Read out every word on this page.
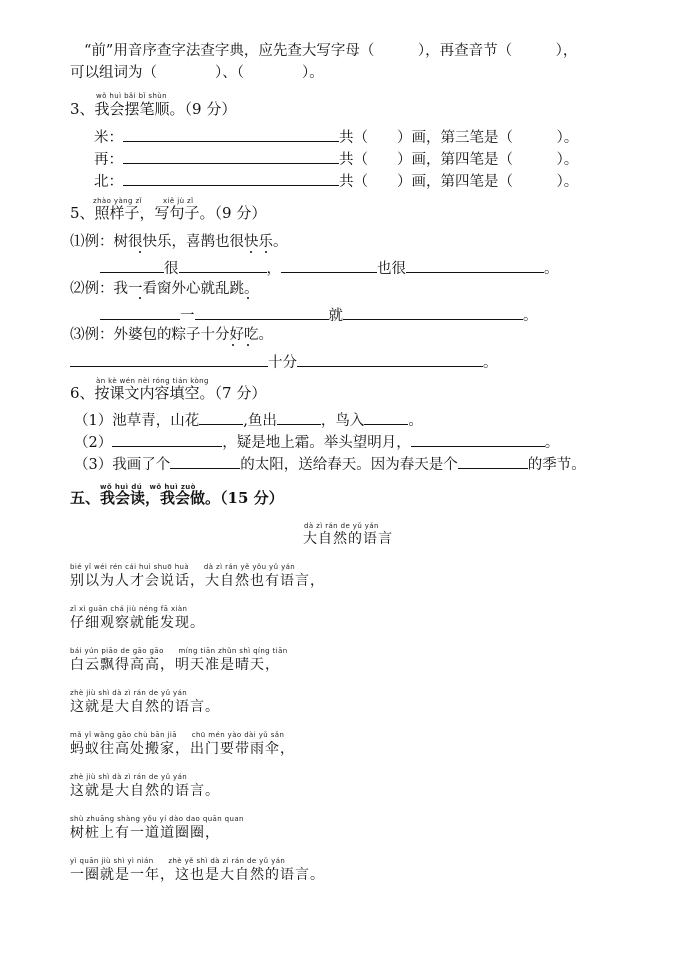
“前”用音序查字法查字典，应先查大写字母（　　　），再查音节（　　　），
可以组词为（　　　　）、（　　　　）。
wǒ huì bǎi bǐ shùn
3、我会摆笔顺。（9 分）
米：	共（　　）画，第三笔是（　　　）。
再：	共（　　）画，第四笔是（　　　）。
北：	共（　　）画，第四笔是（　　　）。
zhào yàng zǐ	xiě jù zǐ
5、照样子，写句子。（9 分）
⑴例：树很快乐，喜鹊也很快乐。
很	，	也很	。
⑵例：我一看窗外心就乱跳。
一	就	。
⑶例：外婆包的粽子十分好吃。
十分	。
àn kè wén nèi róng tián kòng
6、按课文内容填空。（7 分）
（1）池草青，山花	,鱼出	，鸟入	。
（2）	，疑是地上霜。举头望明月，	。
（3）我画了个	的太阳，送给春天。因为春天是个	的季节。
wǒ huì dú　wǒ huì zuò
五、我会读，我会做。（15 分）
dà zì rán de yǔ yán
大自然的语言
bié yǐ wéi rén cái huì shuō huà　　dà zì rán yě yǒu yǔ yán
别以为人才会说话，大自然也有语言，
zǐ xì guān chá jiù néng fā xiàn
仔细观察就能发现。
bái yún piāo de gāo gāo　　míng tiān zhǔn shì qíng tiān
白云飘得高高，明天准是晴天，
zhè jiù shì dà zì rán de yǔ yán
这就是大自然的语言。
mǎ yǐ wǎng gāo chù bān jiā　　chū mén yào dài yǔ sǎn
蚂蚁往高处搬家，出门要带雨伞，
zhè jiù shì dà zì rán de yǔ yán
这就是大自然的语言。
shù zhuāng shàng yǒu yí dào dao quān quan
树桩上有一道道圈圈，
yì quān jiù shì yì nián　　zhè yě shì dà zì rán de yǔ yán
一圈就是一年，这也是大自然的语言。
